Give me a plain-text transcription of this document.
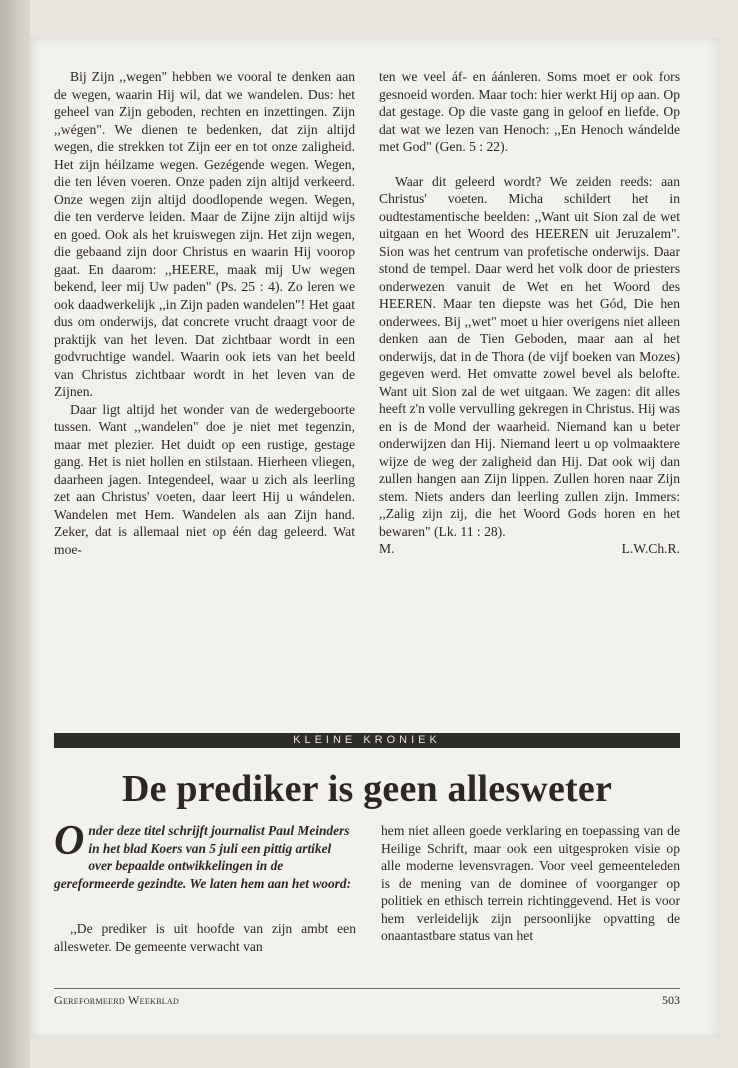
Bij Zijn ,,wegen" hebben we vooral te denken aan de wegen, waarin Hij wil, dat we wandelen. Dus: het geheel van Zijn geboden, rechten en inzettingen. Zijn ,,wégen". We dienen te bedenken, dat zijn altijd wegen, die strekken tot Zijn eer en tot onze zaligheid. Het zijn héilzame wegen. Gezégende wegen. Wegen, die ten léven voeren. Onze paden zijn altijd verkeerd. Onze wegen zijn altijd doodlopende wegen. Wegen, die ten verderve leiden. Maar de Zijne zijn altijd wijs en goed. Ook als het kruiswegen zijn. Het zijn wegen, die gebaand zijn door Christus en waarin Hij voorop gaat. En daarom: ,,HEERE, maak mij Uw wegen bekend, leer mij Uw paden" (Ps. 25 : 4). Zo leren we ook daadwerkelijk ,,in Zijn paden wandelen"! Het gaat dus om onderwijs, dat concrete vrucht draagt voor de praktijk van het leven. Dat zichtbaar wordt in een godvruchtige wandel. Waarin ook iets van het beeld van Christus zichtbaar wordt in het leven van de Zijnen.

Daar ligt altijd het wonder van de wedergeboorte tussen. Want ,,wandelen" doe je niet met tegenzin, maar met plezier. Het duidt op een rustige, gestage gang. Het is niet hollen en stilstaan. Hierheen vliegen, daarheen jagen. Integendeel, waar u zich als leerling zet aan Christus' voeten, daar leert Hij u wándelen. Wandelen met Hem. Wandelen als aan Zijn hand. Zeker, dat is allemaal niet op één dag geleerd. Wat moe-

ten we veel áf- en áánleren. Soms moet er ook fors gesnoeid worden. Maar toch: hier werkt Hij op aan. Op dat gestage. Op die vaste gang in geloof en liefde. Op dat wat we lezen van Henoch: ,,En Henoch wándelde met God" (Gen. 5 : 22).

Waar dit geleerd wordt? We zeiden reeds: aan Christus' voeten. Micha schildert het in oudtestamentische beelden: ,,Want uit Sion zal de wet uitgaan en het Woord des HEEREN uit Jeruzalem". Sion was het centrum van profetische onderwijs. Daar stond de tempel. Daar werd het volk door de priesters onderwezen vanuit de Wet en het Woord des HEEREN. Maar ten diepste was het Gód, Die hen onderwees. Bij ,,wet" moet u hier overigens niet alleen denken aan de Tien Geboden, maar aan al het onderwijs, dat in de Thora (de vijf boeken van Mozes) gegeven werd. Het omvatte zowel bevel als belofte. Want uit Sion zal de wet uitgaan. We zagen: dit alles heeft z'n volle vervulling gekregen in Christus. Hij was en is de Mond der waarheid. Niemand kan u beter onderwijzen dan Hij. Niemand leert u op volmaaktere wijze de weg der zaligheid dan Hij. Dat ook wij dan zullen hangen aan Zijn lippen. Zullen horen naar Zijn stem. Niets anders dan leerling zullen zijn. Immers: ,,Zalig zijn zij, die het Woord Gods horen en het bewaren" (Lk. 11 : 28).

M.	L.W.Ch.R.
KLEINE KRONIEK
De prediker is geen allesweter
O nder deze titel schrijft journalist Paul Meinders in het blad Koers van 5 juli een pittig artikel over bepaalde ontwikkelingen in de gereformeerde gezindte. We laten hem aan het woord:

,,De prediker is uit hoofde van zijn ambt een allesweter. De gemeente verwacht van

hem niet alleen goede verklaring en toepassing van de Heilige Schrift, maar ook een uitgesproken visie op alle moderne levensvragen. Voor veel gemeenteleden is de mening van de dominee of voorganger op politiek en ethisch terrein richtinggevend. Het is voor hem verleidelijk zijn persoonlijke opvatting de onaantastbare status van het

Gereformeerd Weekblad	503
